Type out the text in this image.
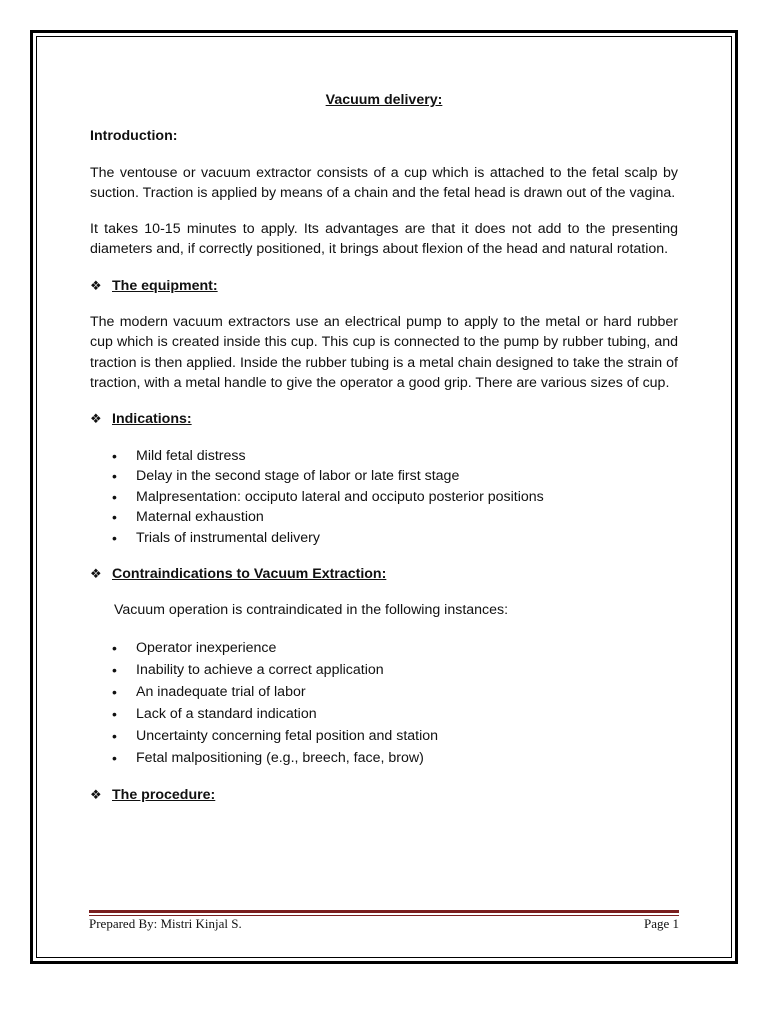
Vacuum delivery:
Introduction:

The ventouse or vacuum extractor consists of a cup which is attached to the fetal scalp by suction. Traction is applied by means of a chain and the fetal head is drawn out of the vagina.

It takes 10-15 minutes to apply. Its advantages are that it does not add to the presenting diameters and, if correctly positioned, it brings about flexion of the head and natural rotation.

❖ The equipment:

The modern vacuum extractors use an electrical pump to apply to the metal or hard rubber cup which is created inside this cup. This cup is connected to the pump by rubber tubing, and traction is then applied. Inside the rubber tubing is a metal chain designed to take the strain of traction, with a metal handle to give the operator a good grip. There are various sizes of cup.

❖ Indications:
• Mild fetal distress
• Delay in the second stage of labor or late first stage
• Malpresentation: occiputo lateral and occiputo posterior positions
• Maternal exhaustion
• Trials of instrumental delivery
❖ Contraindications to Vacuum Extraction:
Vacuum operation is contraindicated in the following instances:
• Operator inexperience
• Inability to achieve a correct application
• An inadequate trial of labor
• Lack of a standard indication
• Uncertainty concerning fetal position and station
• Fetal malpositioning (e.g., breech, face, brow)
❖ The procedure:
Prepared By: Mistri Kinjal S.	Page 1
